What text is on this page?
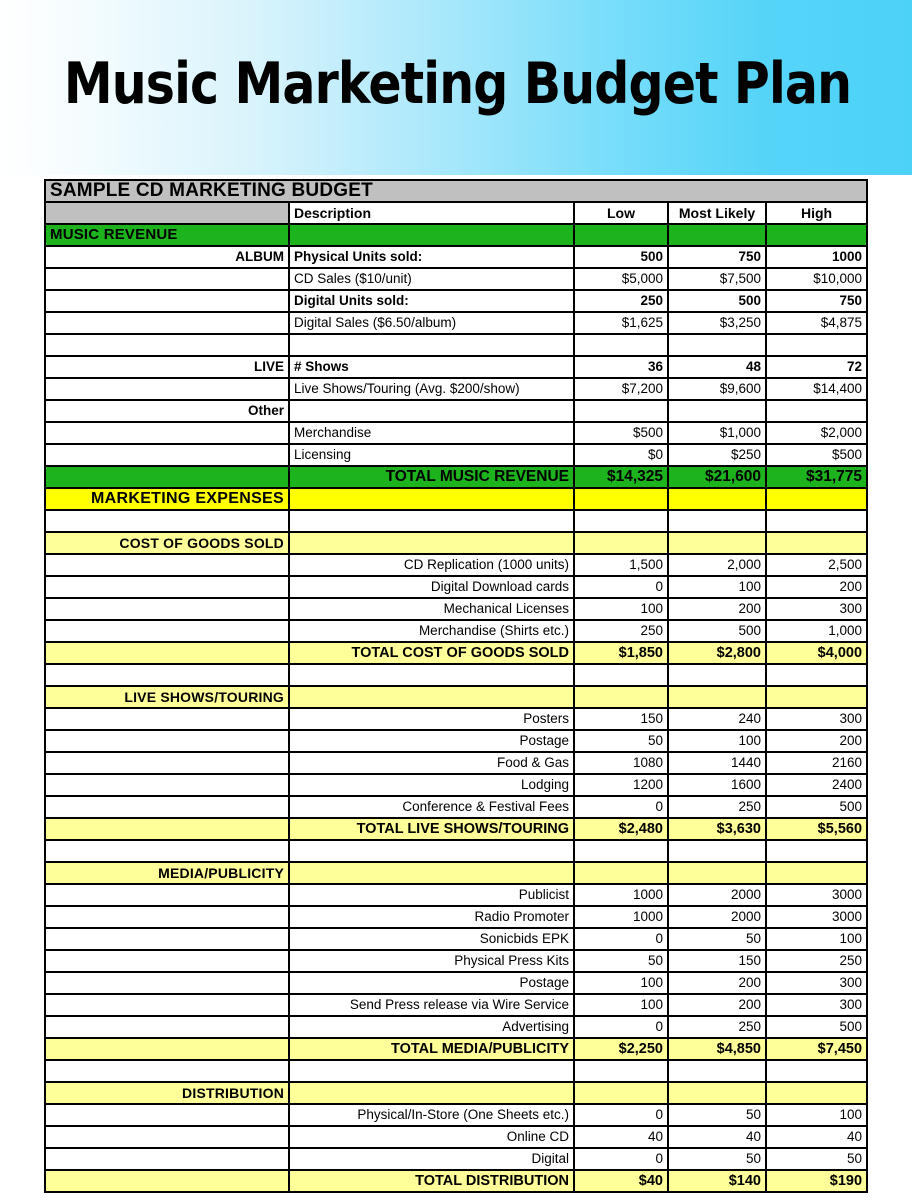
Music Marketing Budget Plan
SAMPLE CD MARKETING BUDGET				
	Description	Low	Most Likely	High
MUSIC REVENUE				
ALBUM	Physical Units sold:	500	750	1000
	CD Sales ($10/unit)	$5,000	$7,500	$10,000
	Digital Units sold:	250	500	750
	Digital Sales ($6.50/album)	$1,625	$3,250	$4,875

LIVE	# Shows	36	48	72
	Live Shows/Touring (Avg. $200/show)	$7,200	$9,600	$14,400
Other				
	Merchandise	$500	$1,000	$2,000
	Licensing	$0	$250	$500
	TOTAL MUSIC REVENUE	$14,325	$21,600	$31,775
MARKETING EXPENSES				

COST OF GOODS SOLD				
	CD Replication (1000 units)	1,500	2,000	2,500
	Digital Download cards	0	100	200
	Mechanical Licenses	100	200	300
	Merchandise (Shirts etc.)	250	500	1,000
	TOTAL COST OF GOODS SOLD	$1,850	$2,800	$4,000

LIVE SHOWS/TOURING				
	Posters	150	240	300
	Postage	50	100	200
	Food & Gas	1080	1440	2160
	Lodging	1200	1600	2400
	Conference & Festival Fees	0	250	500
	TOTAL LIVE SHOWS/TOURING	$2,480	$3,630	$5,560

MEDIA/PUBLICITY				
	Publicist	1000	2000	3000
	Radio Promoter	1000	2000	3000
	Sonicbids EPK	0	50	100
	Physical Press Kits	50	150	250
	Postage	100	200	300
	Send Press release via Wire Service	100	200	300
	Advertising	0	250	500
	TOTAL MEDIA/PUBLICITY	$2,250	$4,850	$7,450

DISTRIBUTION				
	Physical/In-Store (One Sheets etc.)	0	50	100
	Online CD	40	40	40
	Digital	0	50	50
	TOTAL DISTRIBUTION	$40	$140	$190
